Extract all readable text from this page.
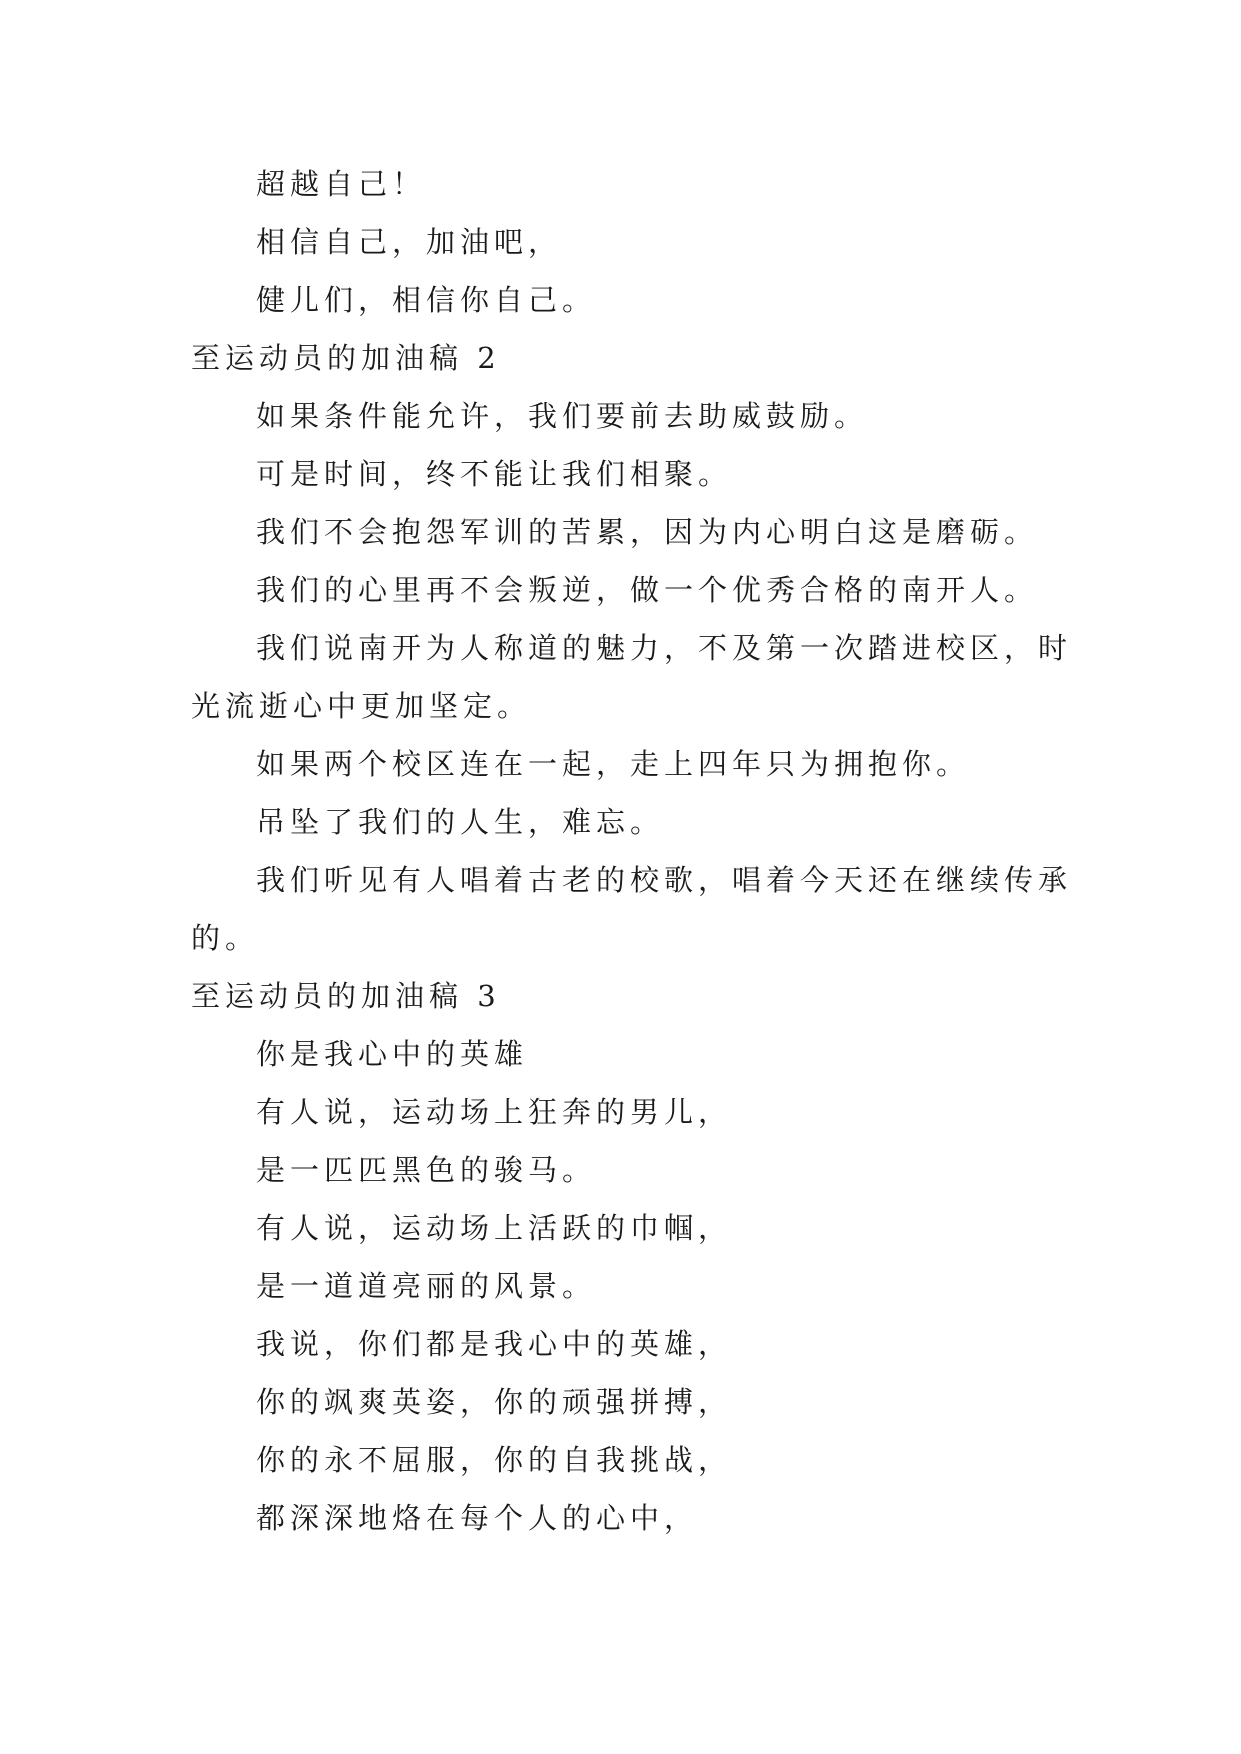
超越自己！
相信自己，加油吧，
健儿们，相信你自己。
至运动员的加油稿 2
如果条件能允许，我们要前去助威鼓励。
可是时间，终不能让我们相聚。
我们不会抱怨军训的苦累，因为内心明白这是磨砺。
我们的心里再不会叛逆，做一个优秀合格的南开人。
我们说南开为人称道的魅力，不及第一次踏进校区，时
光流逝心中更加坚定。
如果两个校区连在一起，走上四年只为拥抱你。
吊坠了我们的人生，难忘。
我们听见有人唱着古老的校歌，唱着今天还在继续传承
的。
至运动员的加油稿 3
你是我心中的英雄
有人说，运动场上狂奔的男儿，
是一匹匹黑色的骏马。
有人说，运动场上活跃的巾帼，
是一道道亮丽的风景。
我说，你们都是我心中的英雄，
你的飒爽英姿，你的顽强拼搏，
你的永不屈服，你的自我挑战，
都深深地烙在每个人的心中，
